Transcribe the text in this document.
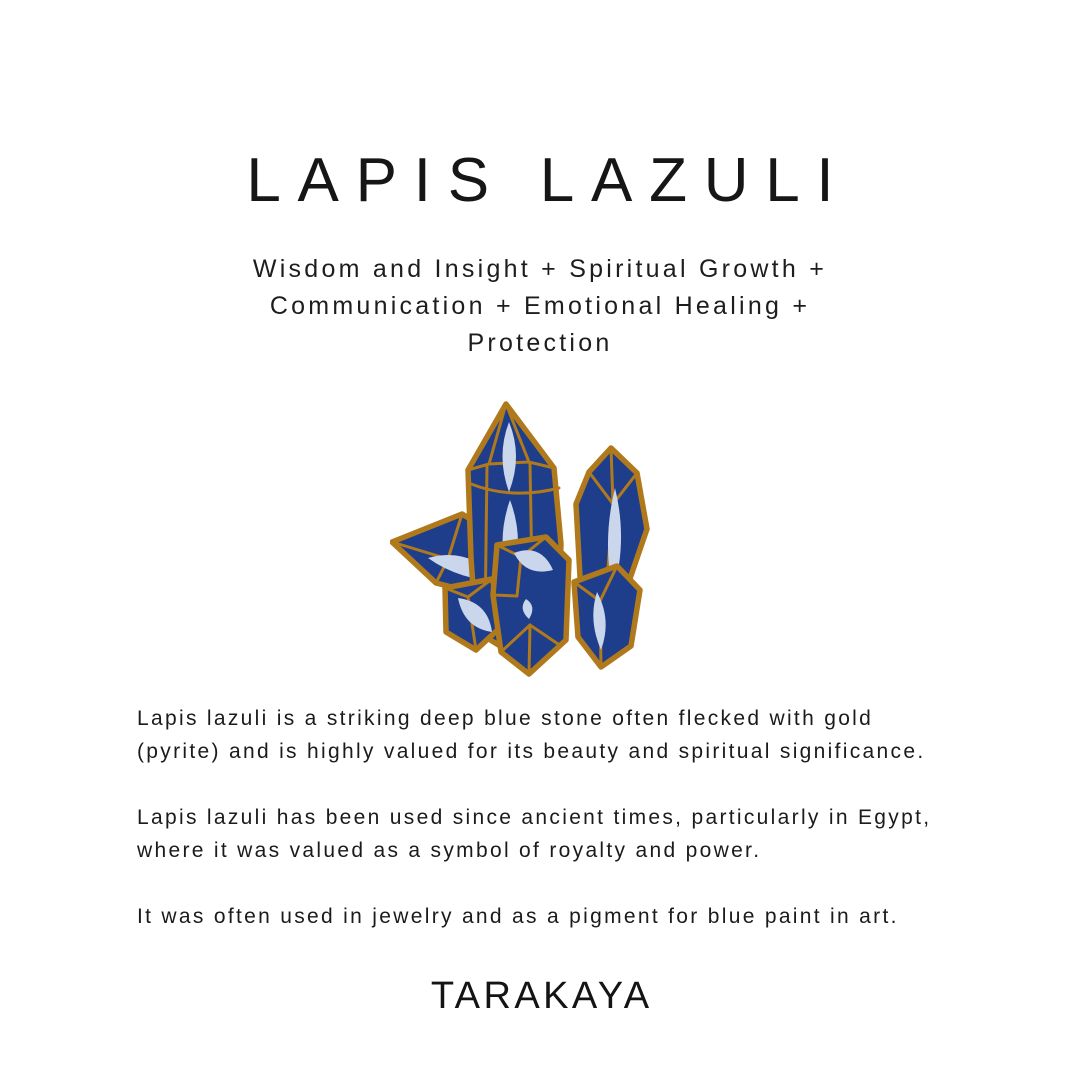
LAPIS LAZULI
Wisdom and Insight + Spiritual Growth +
Communication + Emotional Healing +
Protection

Lapis lazuli is a striking deep blue stone often flecked with gold (pyrite) and is highly valued for its beauty and spiritual significance.

Lapis lazuli has been used since ancient times, particularly in Egypt, where it was valued as a symbol of royalty and power.

It was often used in jewelry and as a pigment for blue paint in art.

TARAKAYA
